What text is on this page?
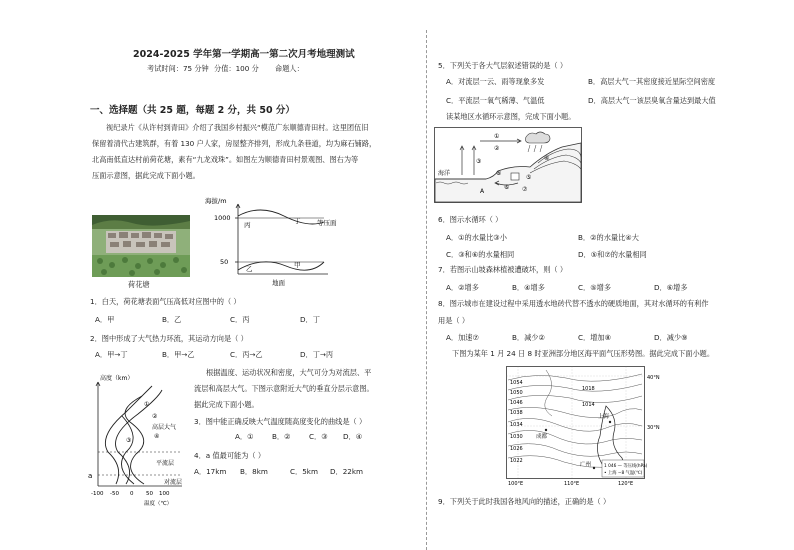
2024-2025 学年第一学期高一第二次月考地理测试
考试时间：75 分钟 分值：100 分 命题人：
一、选择题（共 25 题，每题 2 分，共 50 分）
视纪录片《从许村到青田》介绍了我国乡村振兴“模范广东顺德青田村。这里团伍旧
保留着清代古建筑群，有着 130 户人家，房屋整齐排列，形成九条巷道，均为麻石铺路，
北高南低直达村前荷花塘，素有“九龙戏珠”。如图左为顺德青田村景观图、图右为等
压面示意图，据此完成下面小题。
荷花塘
海拔/m
1000
50
地面
等压面
丙	丁
乙	甲
1．白天，荷花塘表面气压高低对应图中的（ ）
A．甲	B．乙	C．丙	D．丁
2．图中形成了大气热力环流，其运动方向是（ ）
A．甲→丁	B．甲→乙	C．丙→乙	D．丁→丙
高度（km）
高层大气
平流层
对流层
①
②
③
④
a
-100 -50 0 50 100
温度（℃）
根据温度、运动状况和密度，大气可分为对流层、平
流层和高层大气。下图示意附近大气的垂直分层示意图。
据此完成下面小题。
3．图中能正确反映大气温度随高度变化的曲线是（ ）
A．①	B．②	C．③ D．④
4．a 值最可能为（ ）
A．17km B．8km	C．5km D．22km
5．下列关于各大气层叙述错误的是（ ）
A．对流层一云、雨等现象多发	B．高层大气一其密度接近星际空间密度
C．平流层一氧气稀薄、气温低	D．高层大气一该层臭氧含量达到最大值
读某地区水循环示意图，完成下面小题。
①
②
③	④
⑤
⑥ ⑦
⑧
A
海洋
6．图示水循环（ ）
A．①的水量比③小	B．②的水量比④大
C．③和⑥的水量相同	D．⑤和⑦的水量相同
7．若图示山坡森林植被遭破坏，则（ ）
A．②增多	B．④增多	C．⑤增多	D．⑥增多
8．图示城市在建设过程中采用透水地砖代替不透水的硬质地面，其对水循环的有利作
用是（ ）
A．加速⑦	B．减少②	C．增加⑧	D．减少⑨
下图为某年 1 月 24 日 8 时亚洲部分地区海平面气压形势图。据此完成下面小题。
1054
1050
1046
1038
1034
1030
1026
1022
1018
1014
成都
上海
广州
40°N
30°N
100°E	110°E	120°E
1 046 — 等压线(hPa)
• 上海 −8 气温(℃)
9．下列关于此时我国各地风向的描述，正确的是（ ）
